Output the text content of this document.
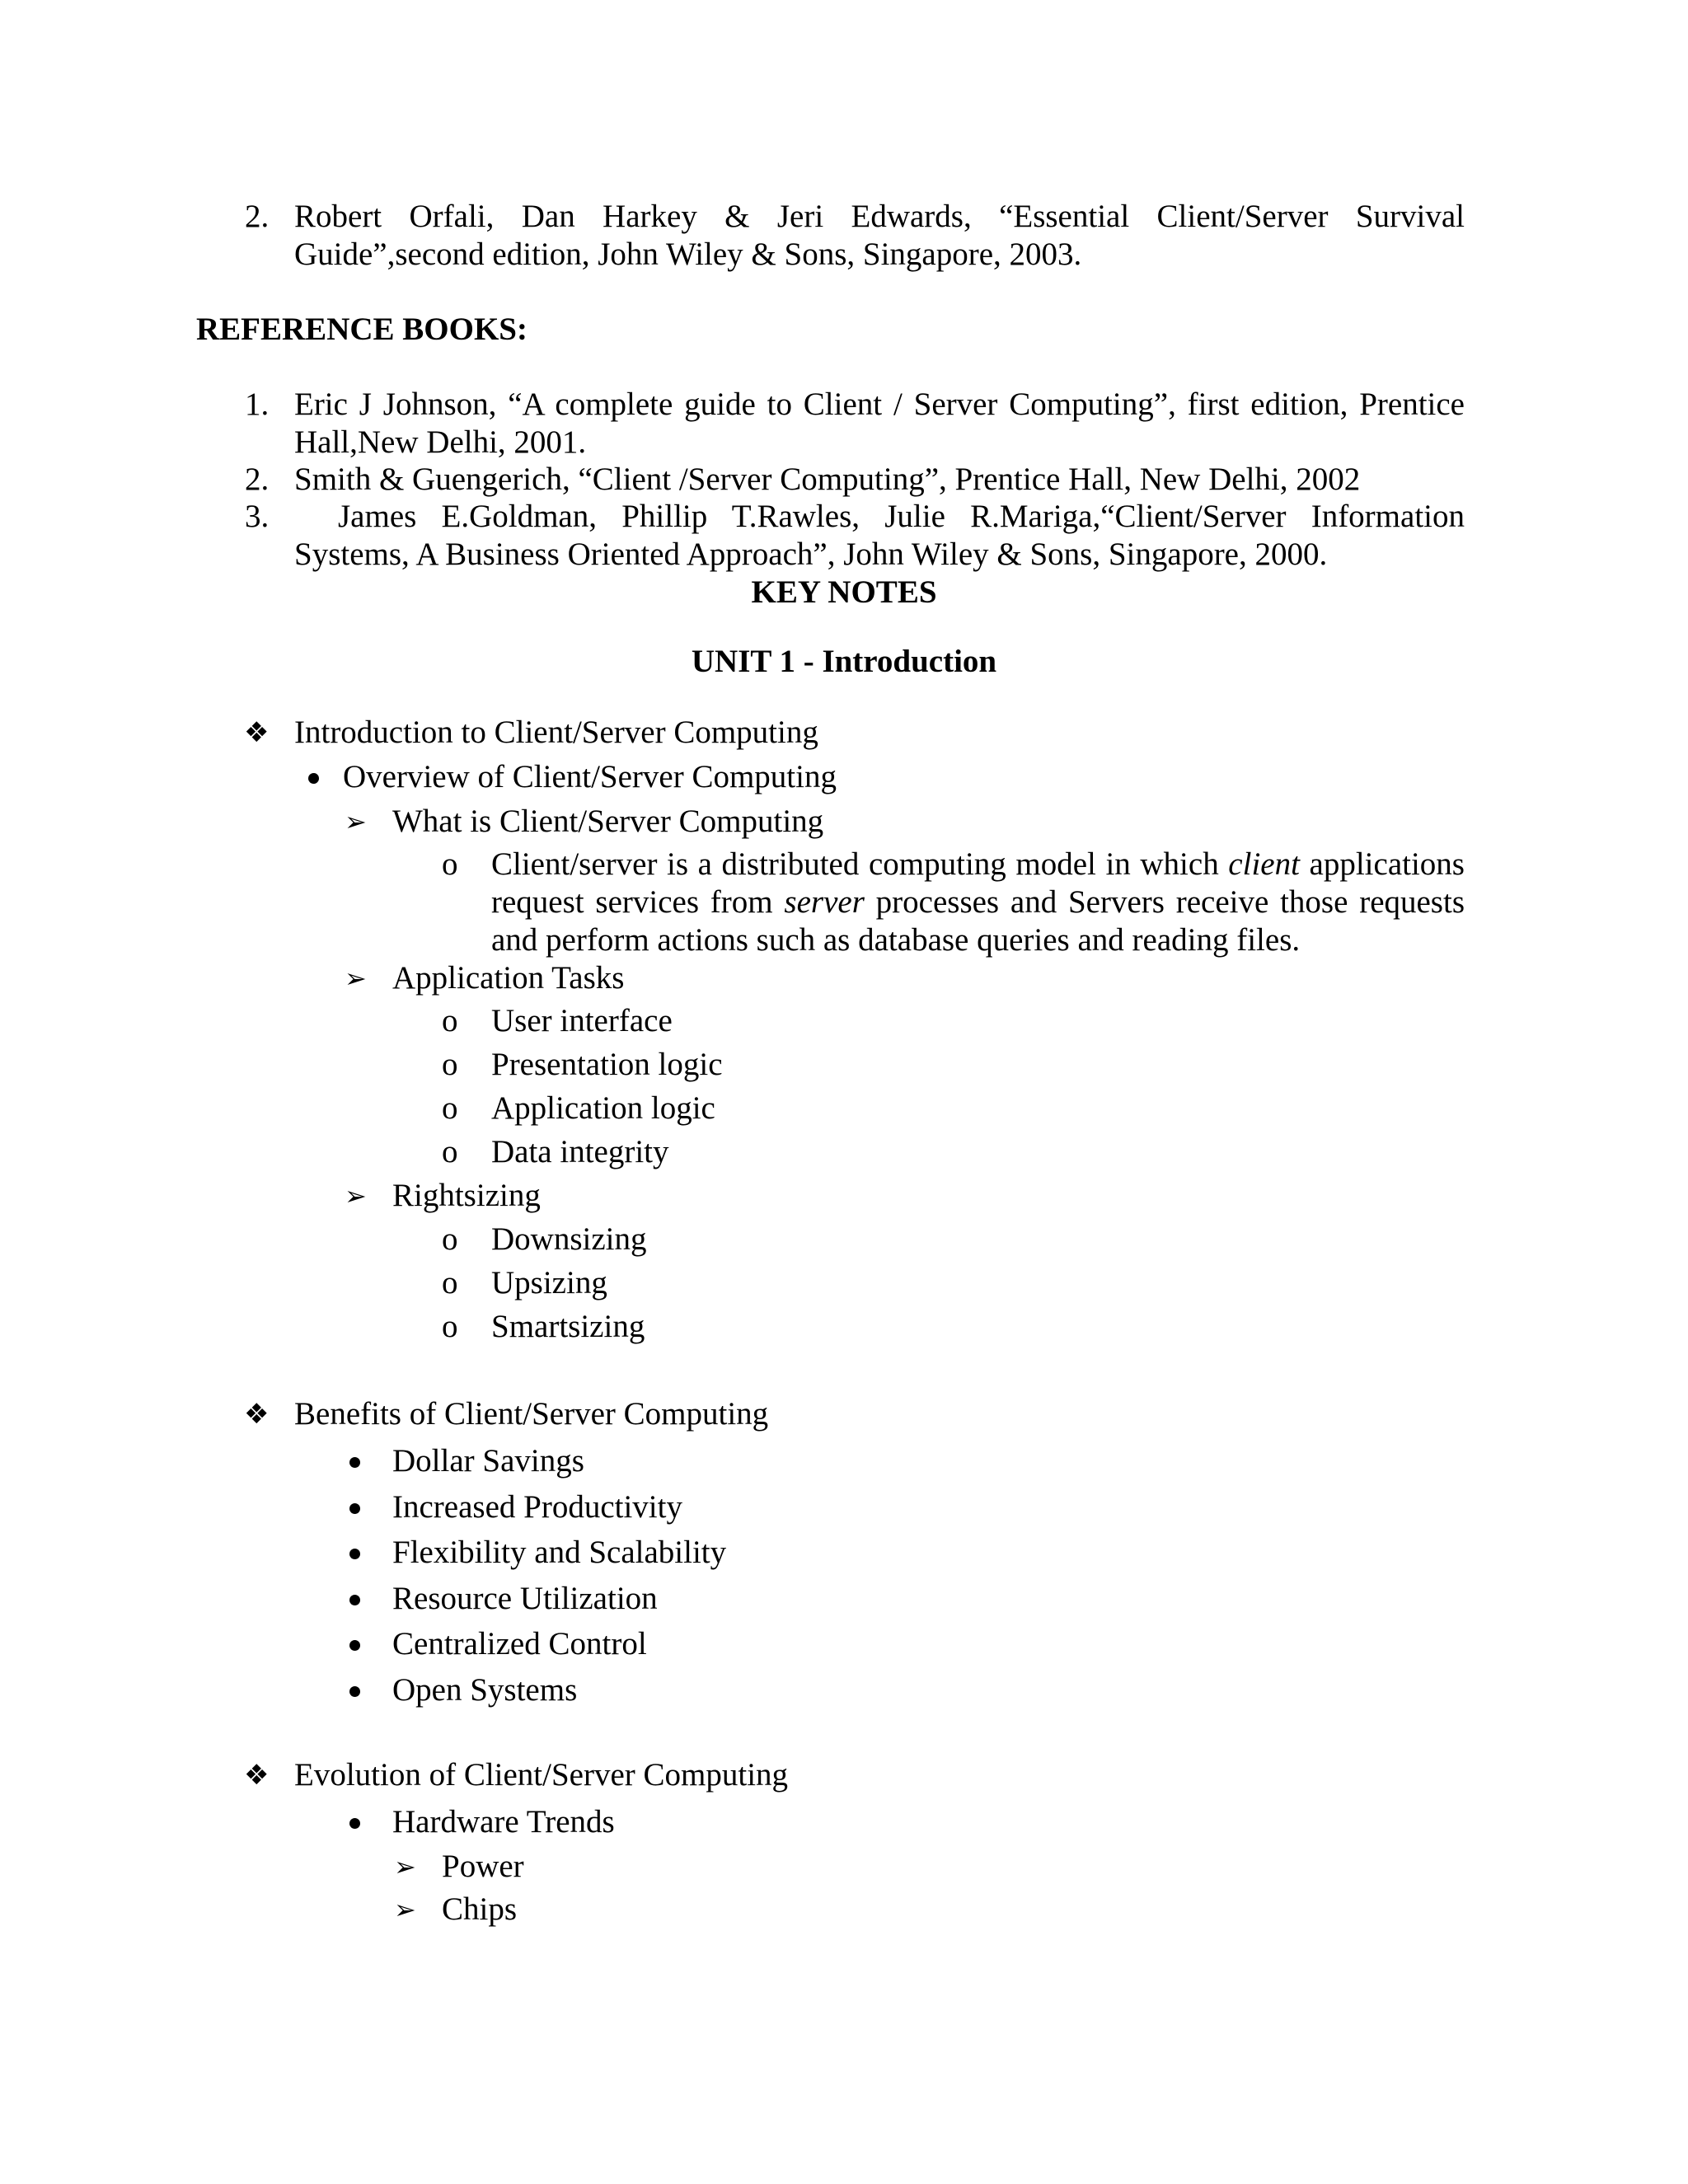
2. Robert Orfali, Dan Harkey & Jeri Edwards, “Essential Client/Server Survival
Guide”,second edition, John Wiley & Sons, Singapore, 2003.
REFERENCE BOOKS:
1. Eric J Johnson, “A complete guide to Client / Server Computing”, first edition, Prentice
Hall,New Delhi, 2001.
2. Smith & Guengerich, “Client /Server Computing”, Prentice Hall, New Delhi, 2002
3. James E.Goldman, Phillip T.Rawles, Julie R.Mariga,“Client/Server Information
Systems, A Business Oriented Approach”, John Wiley & Sons, Singapore, 2000.
KEY NOTES
UNIT 1 - Introduction
❖ Introduction to Client/Server Computing
Overview of Client/Server Computing
➢ What is Client/Server Computing
o Client/server is a distributed computing model in which client applications
request services from server processes and Servers receive those requests
and perform actions such as database queries and reading files.
➢ Application Tasks
o User interface
o Presentation logic
o Application logic
o Data integrity
➢ Rightsizing
o Downsizing
o Upsizing
o Smartsizing
❖ Benefits of Client/Server Computing
Dollar Savings
Increased Productivity
Flexibility and Scalability
Resource Utilization
Centralized Control
Open Systems
❖ Evolution of Client/Server Computing
Hardware Trends
➢ Power
➢ Chips
